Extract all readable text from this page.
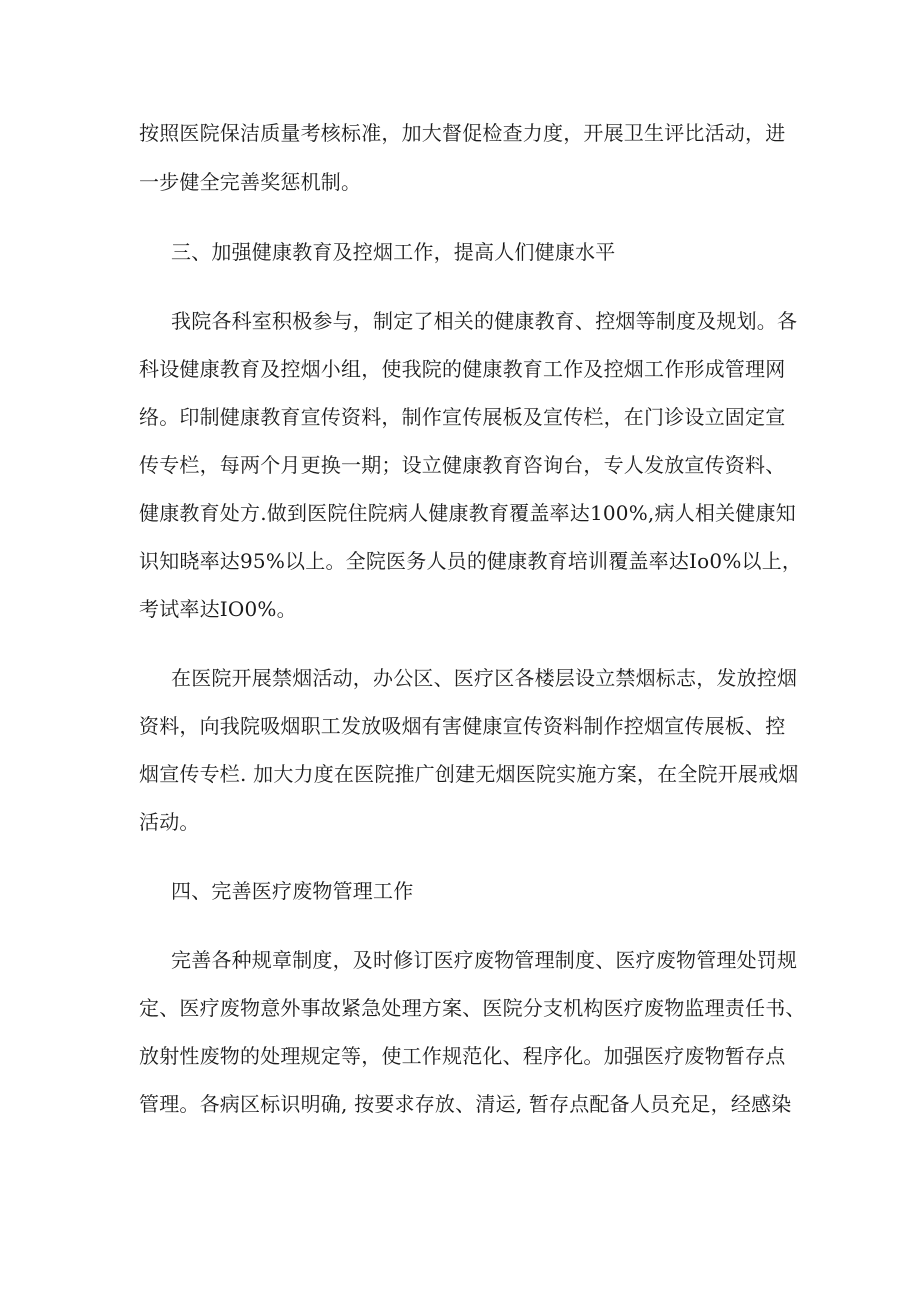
按照医院保洁质量考核标准，加大督促检查力度，开展卫生评比活动，进
一步健全完善奖惩机制。
三、加强健康教育及控烟工作，提高人们健康水平
我院各科室积极参与，制定了相关的健康教育、控烟等制度及规划。各
科设健康教育及控烟小组，使我院的健康教育工作及控烟工作形成管理网
络。印制健康教育宣传资料，制作宣传展板及宣传栏，在门诊设立固定宣
传专栏，每两个月更换一期；设立健康教育咨询台，专人发放宣传资料、
健康教育处方.做到医院住院病人健康教育覆盖率达100%,病人相关健康知
识知晓率达95%以上。全院医务人员的健康教育培训覆盖率达Io0%以上，
考试率达IO0%。
在医院开展禁烟活动，办公区、医疗区各楼层设立禁烟标志，发放控烟
资料，向我院吸烟职工发放吸烟有害健康宣传资料制作控烟宣传展板、控
烟宣传专栏. 加大力度在医院推广创建无烟医院实施方案，在全院开展戒烟
活动。
四、完善医疗废物管理工作
完善各种规章制度，及时修订医疗废物管理制度、医疗废物管理处罚规
定、医疗废物意外事故紧急处理方案、医院分支机构医疗废物监理责任书、
放射性废物的处理规定等，使工作规范化、程序化。加强医疗废物暂存点
管理。各病区标识明确, 按要求存放、清运, 暂存点配备人员充足，经感染
